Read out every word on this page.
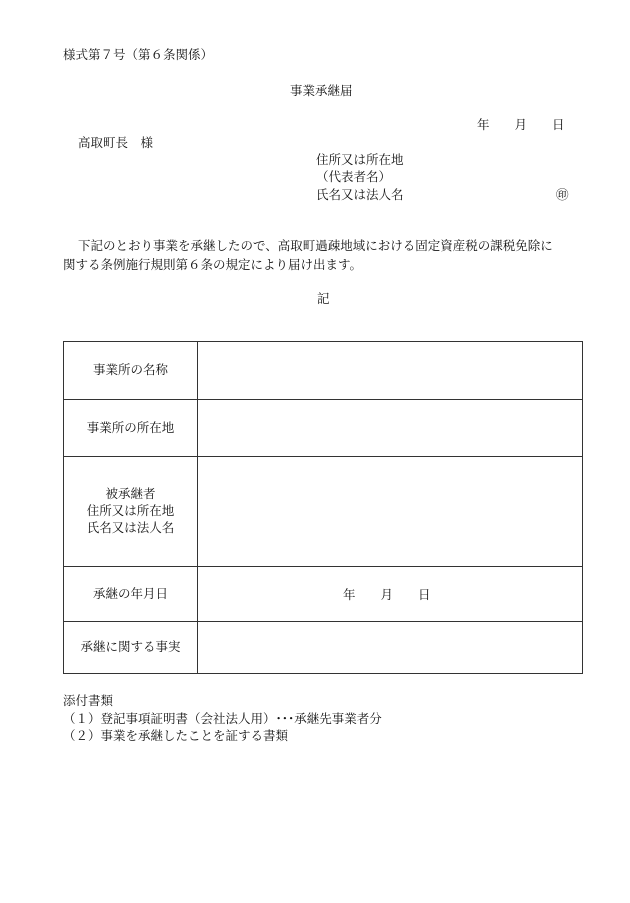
様式第７号（第６条関係）
事業承継届
年　　月　　日
高取町長　様
住所又は所在地
（代表者名）
氏名又は法人名	㊞
下記のとおり事業を承継したので、高取町過疎地域における固定資産税の課税免除に
関する条例施行規則第６条の規定により届け出ます。
記
事業所の名称
事業所の所在地
被承継者
住所又は所在地
氏名又は法人名
承継の年月日	年　　月　　日
承継に関する事実
添付書類
（１）登記事項証明書（会社法人用）･･･承継先事業者分
（２）事業を承継したことを証する書類
